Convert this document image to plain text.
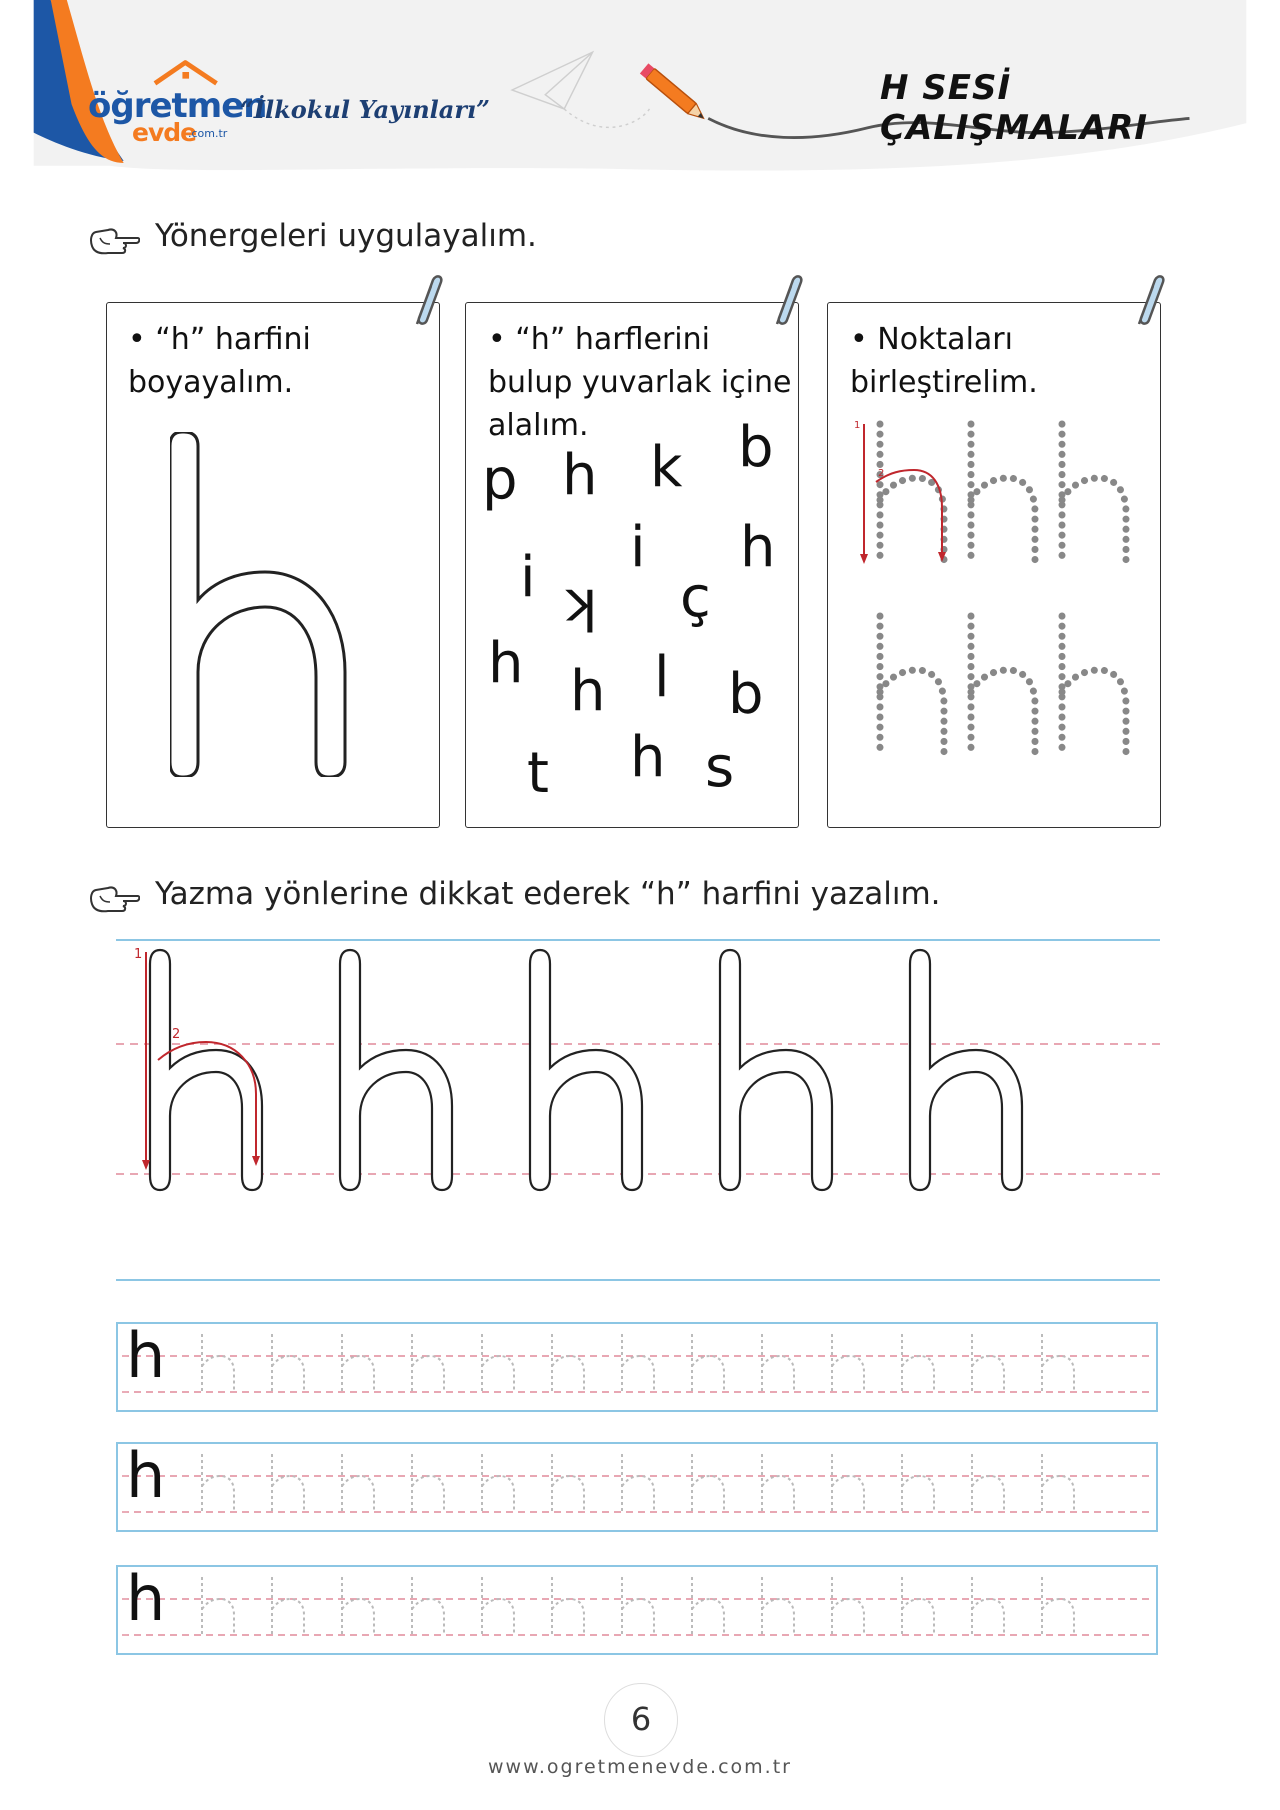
öğretmen
evde
.com.tr
“İlkokul Yayınları”
H SESİ ÇALIŞMALARI
Yönergeleri uygulayalım.
• “h” harfini
boyayalım.
• “h” harflerini
bulup yuvarlak içine
alalım.
b h k b
i i h
k ç
h h l p
t h s
• Noktaları
birleştirelim.
1
2
Yazma yönlerine dikkat ederek “h” harfini yazalım.
1
2
h
h
h
6
www.ogretmenevde.com.tr
